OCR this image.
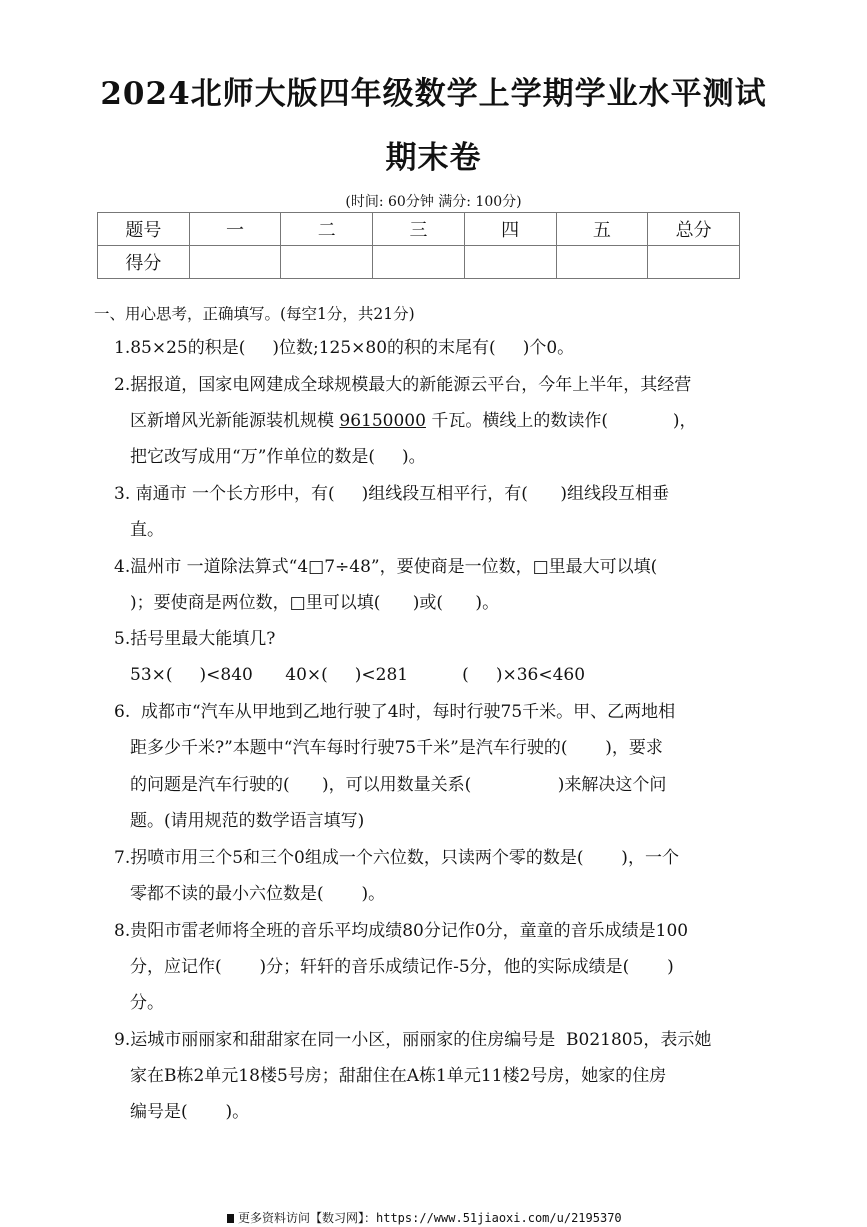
2024北师大版四年级数学上学期学业水平测试
期末卷
(时间: 60分钟 满分: 100分)
题号	一	二	三	四	五	总分
得分						
一、用心思考，正确填写。(每空1分，共21分)
1.85×25的积是(     )位数;125×80的积的末尾有(     )个0。
2.据报道，国家电网建成全球规模最大的新能源云平台，今年上半年，其经营
区新增风光新能源装机规模 96150000 千瓦。横线上的数读作(            )，
把它改写成用“万”作单位的数是(     )。
3. 南通市 一个长方形中，有(     )组线段互相平行，有(      )组线段互相垂
直。
4.温州市 一道除法算式“4□7÷48”，要使商是一位数，□里最大可以填(
)；要使商是两位数，□里可以填(      )或(      )。
5.括号里最大能填几?
53×(     )<840      40×(     )<281          (     )×36<460
6.  成都市“汽车从甲地到乙地行驶了4时，每时行驶75千米。甲、乙两地相
距多少千米?”本题中“汽车每时行驶75千米”是汽车行驶的(       )，要求
的问题是汽车行驶的(      )，可以用数量关系(                )来解决这个问
题。(请用规范的数学语言填写)
7.拐喷市用三个5和三个0组成一个六位数，只读两个零的数是(       )，一个
零都不读的最小六位数是(       )。
8.贵阳市雷老师将全班的音乐平均成绩80分记作0分，童童的音乐成绩是100
分，应记作(       )分；轩轩的音乐成绩记作-5分，他的实际成绩是(       )
分。
9.运城市丽丽家和甜甜家在同一小区，丽丽家的住房编号是  B021805，表示她
家在B栋2单元18楼5号房；甜甜住在A栋1单元11楼2号房，她家的住房
编号是(       )。
更多资料访问【数习网】：https://www.51jiaoxi.com/u/2195370
